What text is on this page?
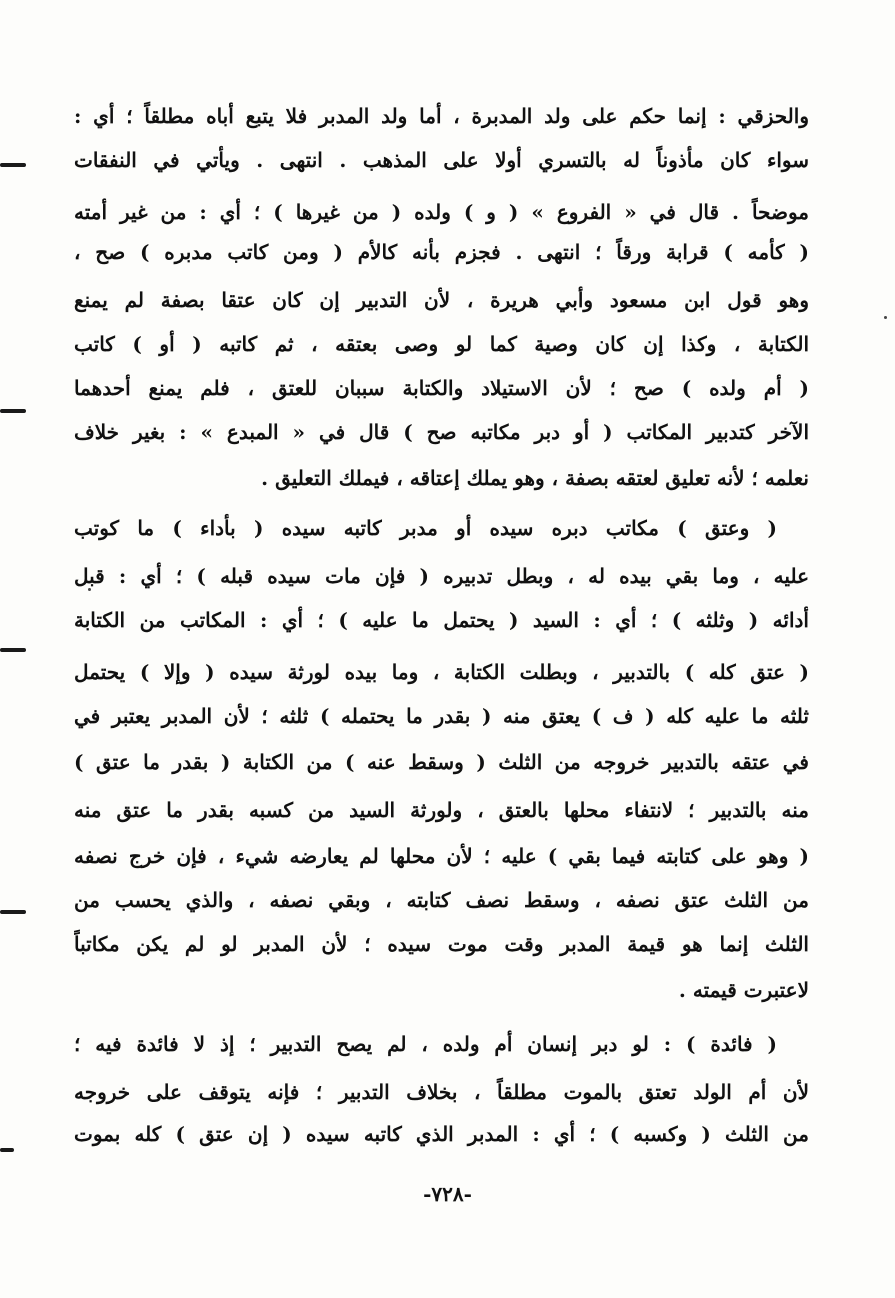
والحزقي : إنما حكم على ولد المدبرة ، أما ولد المدبر فلا يتبع أباه مطلقاً ؛ أي :
سواء كان مأذوناً له بالتسري أولا على المذهب . انتهى . ويأتي في النفقات
موضحاً . قال في « الفروع » ( و ) ولده ( من غيرها ) ؛ أي : من غير أمته
( كأمه ) قرابة ورقاً ؛ انتهى . فجزم بأنه كالأم ( ومن كاتب مدبره ) صح ،
وهو قول ابن مسعود وأبي هريرة ، لأن التدبير إن كان عتقا بصفة لم يمنع
الكتابة ، وكذا إن كان وصية كما لو وصى بعتقه ، ثم كاتبه ( أو ) كاتب
( أم ولده ) صح ؛ لأن الاستيلاد والكتابة سببان للعتق ، فلم يمنع أحدهما
الآخر كتدبير المكاتب ( أو دبر مكاتبه صح ) قال في « المبدع » : بغير خلاف
نعلمه ؛ لأنه تعليق لعتقه بصفة ، وهو يملك إعتاقه ، فيملك التعليق .
( وعتق ) مكاتب دبره سيده أو مدبر كاتبه سيده ( بأداء ) ما كوتب
عليه ، وما بقي بيده له ، وبطل تدبيره ( فإن مات سيده قبله ) ؛ أي : قبل
أدائه ( وثلثه ) ؛ أي : السيد ( يحتمل ما عليه ) ؛ أي : المكاتب من الكتابة
( عتق كله ) بالتدبير ، وبطلت الكتابة ، وما بيده لورثة سيده ( وإلا ) يحتمل
ثلثه ما عليه كله ( ف ) يعتق منه ( بقدر ما يحتمله ) ثلثه ؛ لأن المدبر يعتبر في
في عتقه بالتدبير خروجه من الثلث ( وسقط عنه ) من الكتابة ( بقدر ما عتق )
منه بالتدبير ؛ لانتفاء محلها بالعتق ، ولورثة السيد من كسبه بقدر ما عتق منه
( وهو على كتابته فيما بقي ) عليه ؛ لأن محلها لم يعارضه شيء ، فإن خرج نصفه
من الثلث عتق نصفه ، وسقط نصف كتابته ، وبقي نصفه ، والذي يحسب من
الثلث إنما هو قيمة المدبر وقت موت سيده ؛ لأن المدبر لو لم يكن مكاتباً
لاعتبرت قيمته .
( فائدة ) : لو دبر إنسان أم ولده ، لم يصح التدبير ؛ إذ لا فائدة فيه ؛
لأن أم الولد تعتق بالموت مطلقاً ، بخلاف التدبير ؛ فإنه يتوقف على خروجه
من الثلث ( وكسبه ) ؛ أي : المدبر الذي كاتبه سيده ( إن عتق ) كله بموت
-٧٢٨-
